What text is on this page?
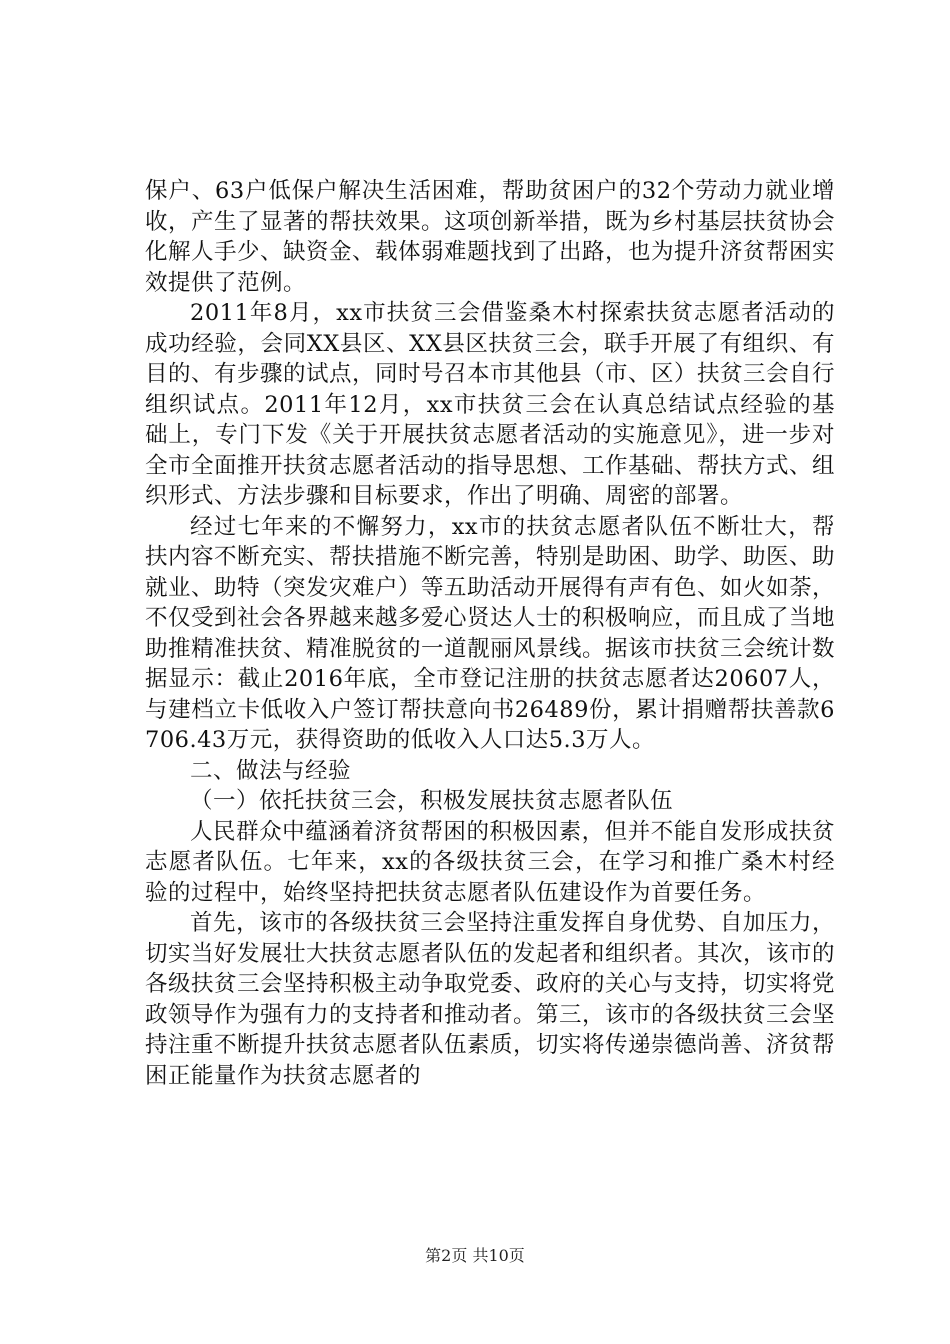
保户、63户低保户解决生活困难，帮助贫困户的32个劳动力就业增收，产生了显著的帮扶效果。这项创新举措，既为乡村基层扶贫协会化解人手少、缺资金、载体弱难题找到了出路，也为提升济贫帮困实效提供了范例。

2011年8月，xx市扶贫三会借鉴桑木村探索扶贫志愿者活动的成功经验，会同XX县区、XX县区扶贫三会，联手开展了有组织、有目的、有步骤的试点，同时号召本市其他县（市、区）扶贫三会自行组织试点。2011年12月，xx市扶贫三会在认真总结试点经验的基础上，专门下发《关于开展扶贫志愿者活动的实施意见》，进一步对全市全面推开扶贫志愿者活动的指导思想、工作基础、帮扶方式、组织形式、方法步骤和目标要求，作出了明确、周密的部署。

经过七年来的不懈努力，xx市的扶贫志愿者队伍不断壮大，帮扶内容不断充实、帮扶措施不断完善，特别是助困、助学、助医、助就业、助特（突发灾难户）等五助活动开展得有声有色、如火如荼，不仅受到社会各界越来越多爱心贤达人士的积极响应，而且成了当地助推精准扶贫、精准脱贫的一道靓丽风景线。据该市扶贫三会统计数据显示：截止2016年底，全市登记注册的扶贫志愿者达20607人，与建档立卡低收入户签订帮扶意向书26489份，累计捐赠帮扶善款6706.43万元，获得资助的低收入人口达5.3万人。

二、做法与经验

（一）依托扶贫三会，积极发展扶贫志愿者队伍

人民群众中蕴涵着济贫帮困的积极因素，但并不能自发形成扶贫志愿者队伍。七年来，xx的各级扶贫三会，在学习和推广桑木村经验的过程中，始终坚持把扶贫志愿者队伍建设作为首要任务。

首先，该市的各级扶贫三会坚持注重发挥自身优势、自加压力，切实当好发展壮大扶贫志愿者队伍的发起者和组织者。其次，该市的各级扶贫三会坚持积极主动争取党委、政府的关心与支持，切实将党政领导作为强有力的支持者和推动者。第三，该市的各级扶贫三会坚持注重不断提升扶贫志愿者队伍素质，切实将传递崇德尚善、济贫帮困正能量作为扶贫志愿者的

第2页 共10页
